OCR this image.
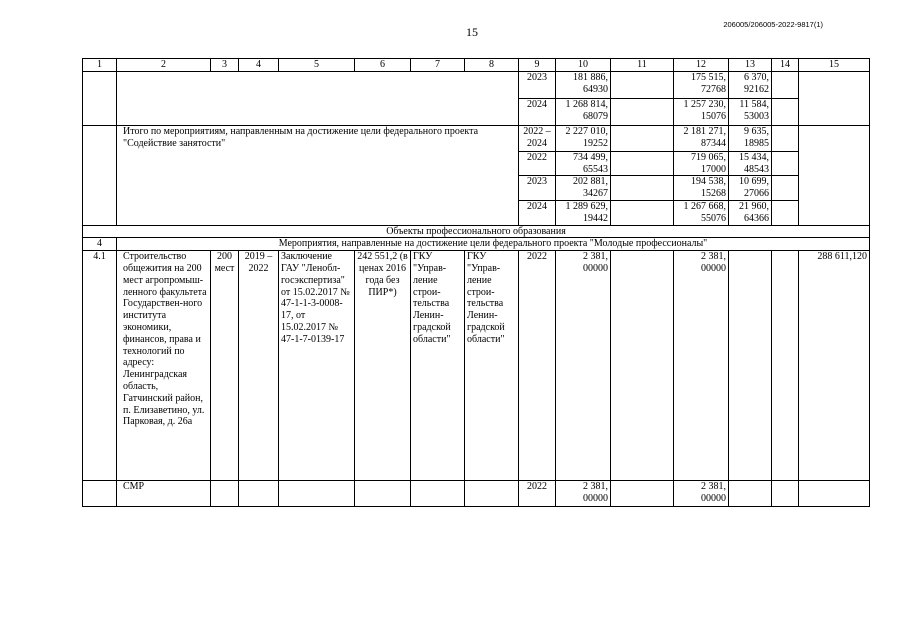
15
206005/206005-2022-9817(1)
1	2	3	4	5	6	7	8	9	10	11	12	13	14	15
								2023	181 886, 64930		175 515, 72768	6 370, 92162		
								2024	1 268 814, 68079		1 257 230, 15076	11 584, 53003		
	Итого по мероприятиям, направленным на достижение цели федерального проекта "Содействие занятости"							2022 – 2024	2 227 010, 19252		2 181 271, 87344	9 635, 18985		
								2022	734 499, 65543		719 065, 17000	15 434, 48543		
								2023	202 881, 34267		194 538, 15268	10 699, 27066		
								2024	1 289 629, 19442		1 267 668, 55076	21 960, 64366		
Объекты профессионального образования														
4	Мероприятия, направленные на достижение цели федерального проекта "Молодые профессионалы"													
4.1	Строительство общежития на 200 мест агропромыш-ленного факультета Государствен-ного института экономики, финансов, права и технологий по адресу: Ленинградская область, Гатчинский район, п. Елизаветино, ул. Парковая, д. 26а	200 мест	2019 – 2022	Заключение ГАУ "Ленобл-госэкспертиза" от 15.02.2017 № 47-1-1-3-0008-17, от 15.02.2017 № 47-1-7-0139-17	242 551,2 (в ценах 2016 года без ПИР*)	ГКУ "Управ-ление строи-тельства Ленин-градской области"	ГКУ "Управ-ление строи-тельства Ленин-градской области"	2022	2 381, 00000		2 381, 00000			288 611,120
	СМР							2022	2 381, 00000		2 381, 00000			
